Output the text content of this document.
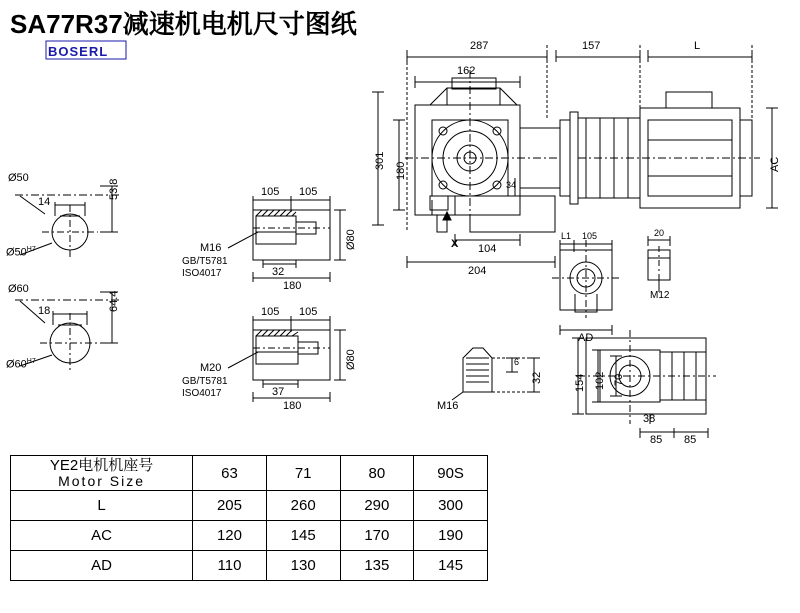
SA77R37减速机电机尺寸图纸
BOSERL	287	157	L
162
301
180
34
AC
104
204
X
Ø50
14
53.8
$Ø50^{H7}$
Ø60
18	64.4
$Ø60^{H7}$
105 105
32
180
Ø80
M16
GB/T5781
ISO4017
105 105
37
180
Ø80
M20
GB/T5781
ISO4017
M16
6
32
L1 105
AD
20
M12
154 102 70
38
85 85
YE2电机机座号
Motor Size	63	71	80	90S

L	205	260	290	300
AC	120	145	170	190
AD	110	130	135	145
